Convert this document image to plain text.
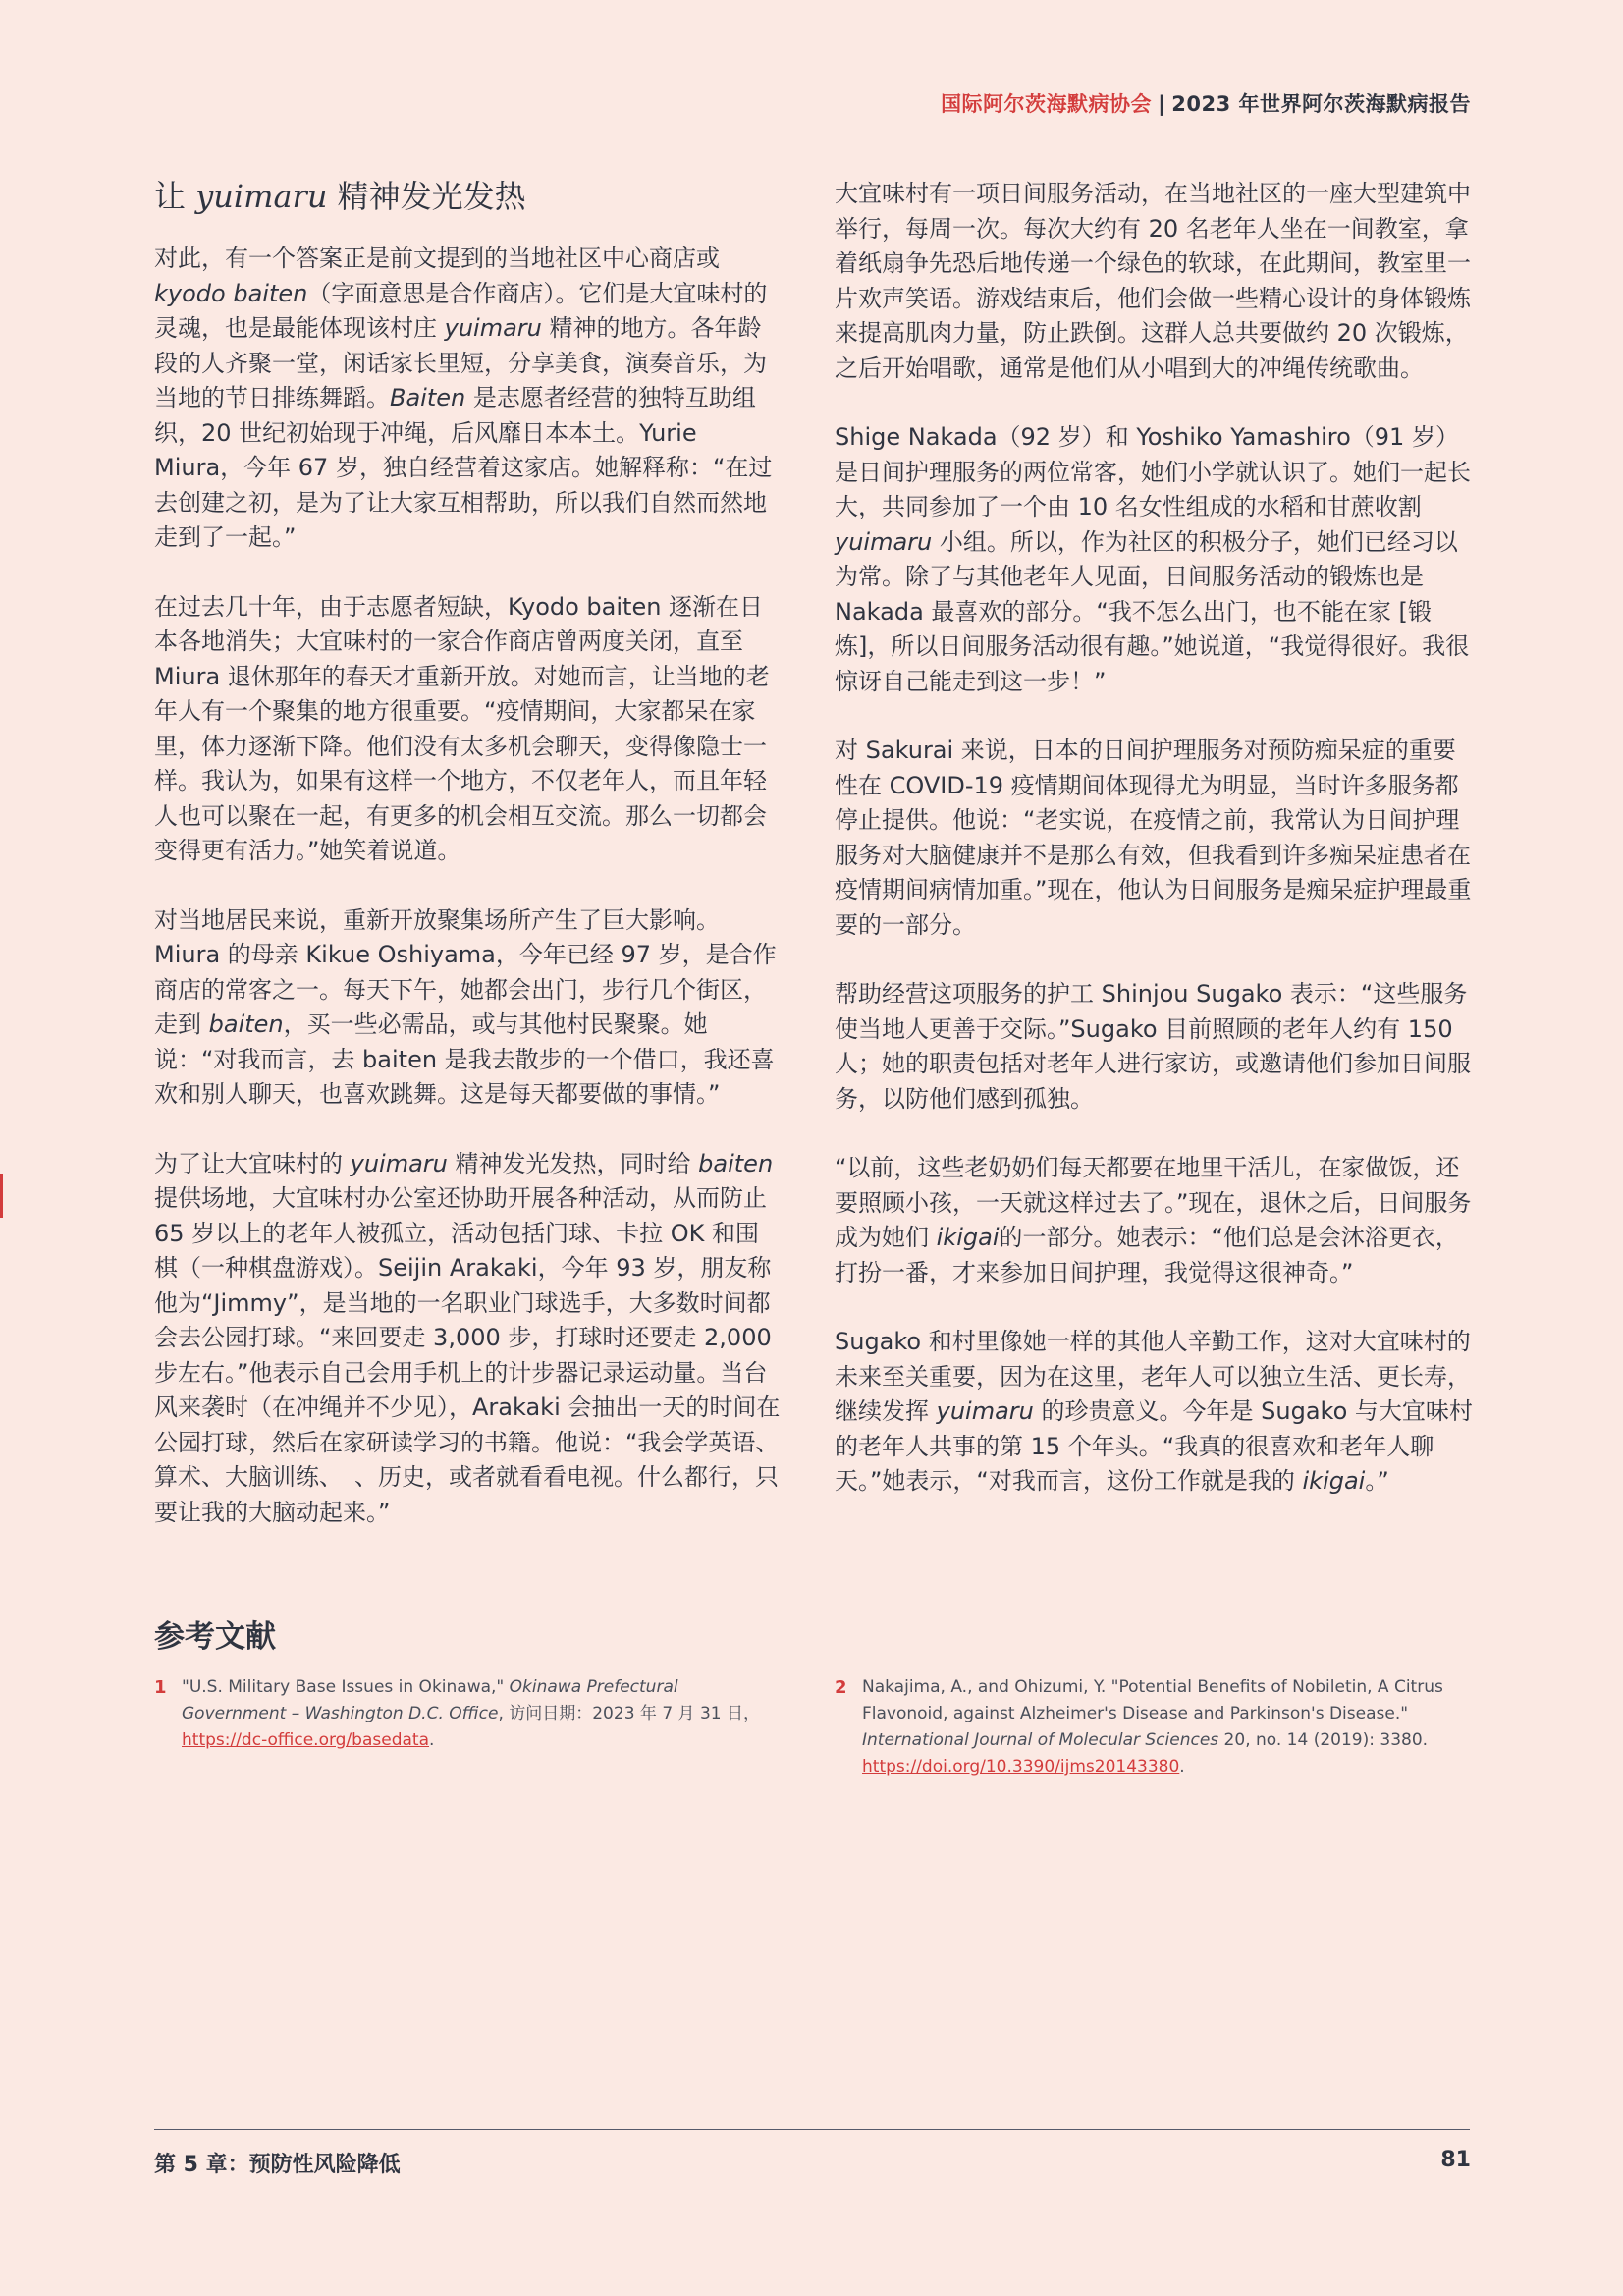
国际阿尔茨海默病协会 | 2023 年世界阿尔茨海默病报告
让 yuimaru 精神发光发热

对此，有一个答案正是前文提到的当地社区中心商店或 kyodo baiten（字面意思是合作商店）。它们是大宜味村的灵魂，也是最能体现该村庄 yuimaru 精神的地方。各年龄段的人齐聚一堂，闲话家长里短，分享美食，演奏音乐，为当地的节日排练舞蹈。Baiten 是志愿者经营的独特互助组织，20 世纪初始现于冲绳，后风靡日本本土。Yurie Miura，今年 67 岁，独自经营着这家店。她解释称：“在过去创建之初，是为了让大家互相帮助，所以我们自然而然地走到了一起。”

在过去几十年，由于志愿者短缺，Kyodo baiten 逐渐在日本各地消失；大宜味村的一家合作商店曾两度关闭，直至 Miura 退休那年的春天才重新开放。对她而言，让当地的老年人有一个聚集的地方很重要。“疫情期间，大家都呆在家里，体力逐渐下降。他们没有太多机会聊天，变得像隐士一样。我认为，如果有这样一个地方，不仅老年人，而且年轻人也可以聚在一起，有更多的机会相互交流。那么一切都会变得更有活力。”她笑着说道。

对当地居民来说，重新开放聚集场所产生了巨大影响。Miura 的母亲 Kikue Oshiyama，今年已经 97 岁，是合作商店的常客之一。每天下午，她都会出门，步行几个街区，走到 baiten，买一些必需品，或与其他村民聚聚。她说：“对我而言，去 baiten 是我去散步的一个借口，我还喜欢和别人聊天，也喜欢跳舞。这是每天都要做的事情。”

为了让大宜味村的 yuimaru 精神发光发热，同时给 baiten 提供场地，大宜味村办公室还协助开展各种活动，从而防止 65 岁以上的老年人被孤立，活动包括门球、卡拉 OK 和围棋（一种棋盘游戏）。Seijin Arakaki，今年 93 岁，朋友称他为“Jimmy”，是当地的一名职业门球选手，大多数时间都会去公园打球。“来回要走 3,000 步，打球时还要走 2,000 步左右。”他表示自己会用手机上的计步器记录运动量。当台风来袭时（在冲绳并不少见），Arakaki 会抽出一天的时间在公园打球，然后在家研读学习的书籍。他说：“我会学英语、算术、大脑训练、　、历史，或者就看看电视。什么都行，只要让我的大脑动起来。”

大宜味村有一项日间服务活动，在当地社区的一座大型建筑中举行，每周一次。每次大约有 20 名老年人坐在一间教室，拿着纸扇争先恐后地传递一个绿色的软球，在此期间，教室里一片欢声笑语。游戏结束后，他们会做一些精心设计的身体锻炼来提高肌肉力量，防止跌倒。这群人总共要做约 20 次锻炼，之后开始唱歌，通常是他们从小唱到大的冲绳传统歌曲。

Shige Nakada（92 岁）和 Yoshiko Yamashiro（91 岁）是日间护理服务的两位常客，她们小学就认识了。她们一起长大，共同参加了一个由 10 名女性组成的水稻和甘蔗收割 yuimaru 小组。所以，作为社区的积极分子，她们已经习以为常。除了与其他老年人见面，日间服务活动的锻炼也是 Nakada 最喜欢的部分。“我不怎么出门，也不能在家 [锻炼]，所以日间服务活动很有趣。”她说道，“我觉得很好。我很惊讶自己能走到这一步！”

对 Sakurai 来说，日本的日间护理服务对预防痴呆症的重要性在 COVID-19 疫情期间体现得尤为明显，当时许多服务都停止提供。他说：“老实说，在疫情之前，我常认为日间护理服务对大脑健康并不是那么有效，但我看到许多痴呆症患者在疫情期间病情加重。”现在，他认为日间服务是痴呆症护理最重要的一部分。

帮助经营这项服务的护工 Shinjou Sugako 表示：“这些服务使当地人更善于交际。”Sugako 目前照顾的老年人约有 150 人；她的职责包括对老年人进行家访，或邀请他们参加日间服务，以防他们感到孤独。

“以前，这些老奶奶们每天都要在地里干活儿，在家做饭，还要照顾小孩，一天就这样过去了。”现在，退休之后，日间服务成为她们 ikigai的一部分。她表示：“他们总是会沐浴更衣，打扮一番，才来参加日间护理，我觉得这很神奇。”

Sugako 和村里像她一样的其他人辛勤工作，这对大宜味村的未来至关重要，因为在这里，老年人可以独立生活、更长寿，继续发挥 yuimaru 的珍贵意义。今年是 Sugako 与大宜味村的老年人共事的第 15 个年头。“我真的很喜欢和老年人聊天。”她表示，“对我而言，这份工作就是我的 ikigai。”

参考文献
1 "U.S. Military Base Issues in Okinawa," Okinawa Prefectural Government – Washington D.C. Office, 访问日期：2023 年 7 月 31 日，https://dc-office.org/basedata.
2 Nakajima, A., and Ohizumi, Y. "Potential Benefits of Nobiletin, A Citrus Flavonoid, against Alzheimer's Disease and Parkinson's Disease." International Journal of Molecular Sciences 20, no. 14 (2019): 3380. https://doi.org/10.3390/ijms20143380.
第 5 章：预防性风险降低	81
